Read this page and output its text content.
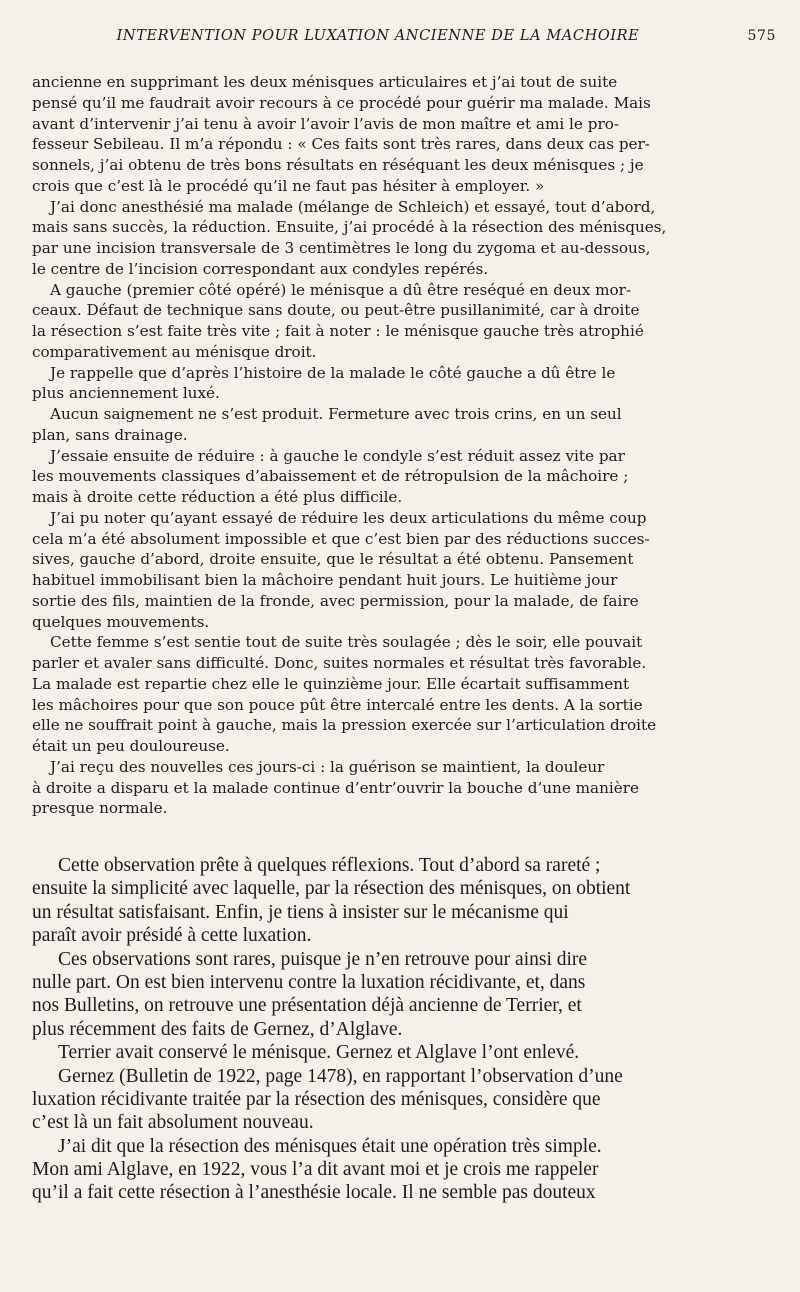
INTERVENTION POUR LUXATION ANCIENNE DE LA MACHOIRE	575
ancienne en supprimant les deux ménisques articulaires et j’ai tout de suite
pensé qu’il me faudrait avoir recours à ce procédé pour guérir ma malade. Mais
avant d’intervenir j’ai tenu à avoir l’avoir l’avis de mon maître et ami le pro-
fesseur Sebileau. Il m’a répondu : « Ces faits sont très rares, dans deux cas per-
sonnels, j’ai obtenu de très bons résultats en réséquant les deux ménisques ; je
crois que c’est là le procédé qu’il ne faut pas hésiter à employer. »
J’ai donc anesthésié ma malade (mélange de Schleich) et essayé, tout d’abord,
mais sans succès, la réduction. Ensuite, j’ai procédé à la résection des ménisques,
par une incision transversale de 3 centimètres le long du zygoma et au-dessous,
le centre de l’incision correspondant aux condyles repérés.
A gauche (premier côté opéré) le ménisque a dû être reséqué en deux mor-
ceaux. Défaut de technique sans doute, ou peut-être pusillanimité, car à droite
la résection s’est faite très vite ; fait à noter : le ménisque gauche très atrophié
comparativement au ménisque droit.
Je rappelle que d’après l’histoire de la malade le côté gauche a dû être le
plus anciennement luxé.
Aucun saignement ne s’est produit. Fermeture avec trois crins, en un seul
plan, sans drainage.
J’essaie ensuite de réduire : à gauche le condyle s’est réduit assez vite par
les mouvements classiques d’abaissement et de rétropulsion de la mâchoire ;
mais à droite cette réduction a été plus difficile.
J’ai pu noter qu’ayant essayé de réduire les deux articulations du même coup
cela m’a été absolument impossible et que c’est bien par des réductions succes-
sives, gauche d’abord, droite ensuite, que le résultat a été obtenu. Pansement
habituel immobilisant bien la mâchoire pendant huit jours. Le huitième jour
sortie des fils, maintien de la fronde, avec permission, pour la malade, de faire
quelques mouvements.
Cette femme s’est sentie tout de suite très soulagée ; dès le soir, elle pouvait
parler et avaler sans difficulté. Donc, suites normales et résultat très favorable.
La malade est repartie chez elle le quinzième jour. Elle écartait suffisamment
les mâchoires pour que son pouce pût être intercalé entre les dents. A la sortie
elle ne souffrait point à gauche, mais la pression exercée sur l’articulation droite
était un peu douloureuse.
J’ai reçu des nouvelles ces jours-ci : la guérison se maintient, la douleur
à droite a disparu et la malade continue d’entr’ouvrir la bouche d’une manière
presque normale.
Cette observation prête à quelques réflexions. Tout d’abord sa rareté ;
ensuite la simplicité avec laquelle, par la résection des ménisques, on obtient
un résultat satisfaisant. Enfin, je tiens à insister sur le mécanisme qui
paraît avoir présidé à cette luxation.
Ces observations sont rares, puisque je n’en retrouve pour ainsi dire
nulle part. On est bien intervenu contre la luxation récidivante, et, dans
nos Bulletins, on retrouve une présentation déjà ancienne de Terrier, et
plus récemment des faits de Gernez, d’Alglave.
Terrier avait conservé le ménisque. Gernez et Alglave l’ont enlevé.
Gernez (Bulletin de 1922, page 1478), en rapportant l’observation d’une
luxation récidivante traitée par la résection des ménisques, considère que
c’est là un fait absolument nouveau.
J’ai dit que la résection des ménisques était une opération très simple.
Mon ami Alglave, en 1922, vous l’a dit avant moi et je crois me rappeler
qu’il a fait cette résection à l’anesthésie locale. Il ne semble pas douteux
